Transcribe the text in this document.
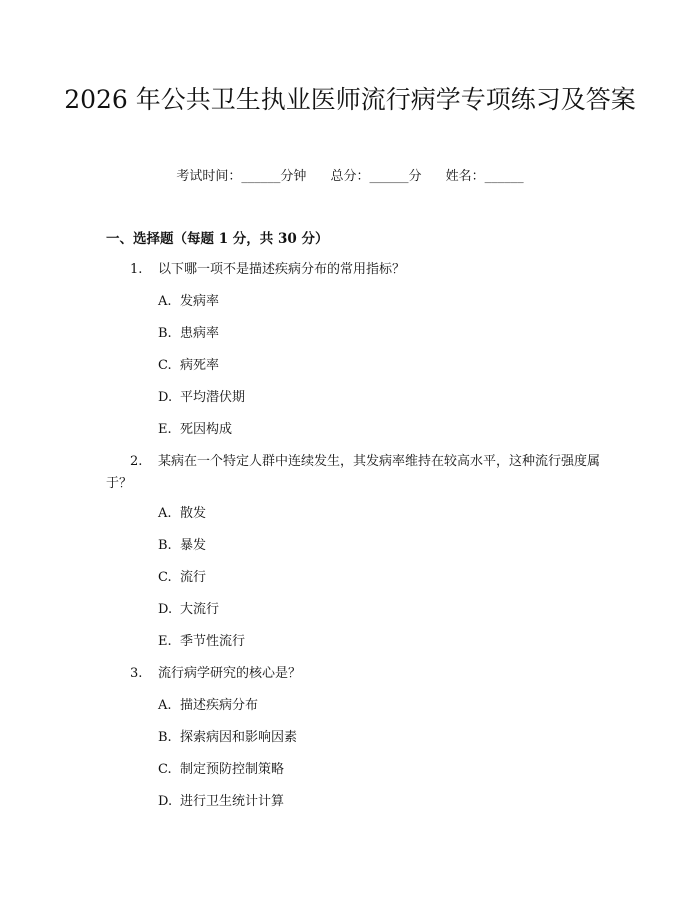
2026 年公共卫生执业医师流行病学专项练习及答案
考试时间：______分钟 总分：______分 姓名：______
一、选择题（每题 1 分，共 30 分）
1. 以下哪一项不是描述疾病分布的常用指标？
A. 发病率
B. 患病率
C. 病死率
D. 平均潜伏期
E. 死因构成
2. 某病在一个特定人群中连续发生，其发病率维持在较高水平，这种流行强度属于？
A. 散发
B. 暴发
C. 流行
D. 大流行
E. 季节性流行
3. 流行病学研究的核心是？
A. 描述疾病分布
B. 探索病因和影响因素
C. 制定预防控制策略
D. 进行卫生统计计算
